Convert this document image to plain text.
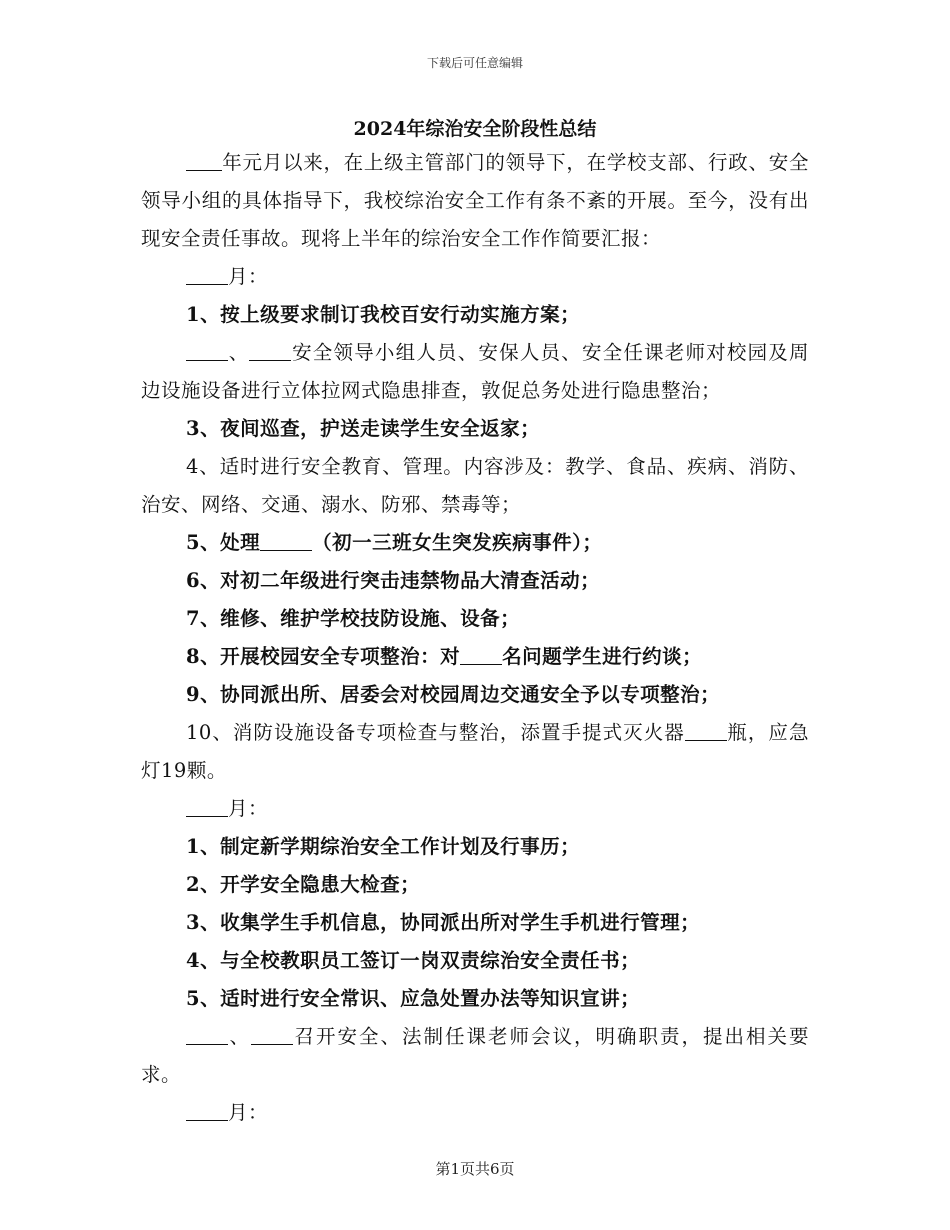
下载后可任意编辑
2024年综治安全阶段性总结
年元月以来，在上级主管部门的领导下，在学校支部、行政、安全领导小组的具体指导下，我校综治安全工作有条不紊的开展。至今，没有出现安全责任事故。现将上半年的综治安全工作作简要汇报：
月：
1、按上级要求制订我校百安行动实施方案；
、 安全领导小组人员、安保人员、安全任课老师对校园及周边设施设备进行立体拉网式隐患排查，敦促总务处进行隐患整治；
3、夜间巡查，护送走读学生安全返家；
4、适时进行安全教育、管理。内容涉及：教学、食品、疾病、消防、治安、网络、交通、溺水、防邪、禁毒等；
5、处理	（初一三班女生突发疾病事件）；
6、对初二年级进行突击违禁物品大清查活动；
7、维修、维护学校技防设施、设备；
8、开展校园安全专项整治：对 名问题学生进行约谈；
9、协同派出所、居委会对校园周边交通安全予以专项整治；
10、消防设施设备专项检查与整治，添置手提式灭火器 瓶，应急灯19颗。
月：
1、制定新学期综治安全工作计划及行事历；
2、开学安全隐患大检查；
3、收集学生手机信息，协同派出所对学生手机进行管理；
4、与全校教职员工签订一岗双责综治安全责任书；
5、适时进行安全常识、应急处置办法等知识宣讲；
、 召开安全、法制任课老师会议，明确职责，提出相关要求。
月：
第1页共6页
